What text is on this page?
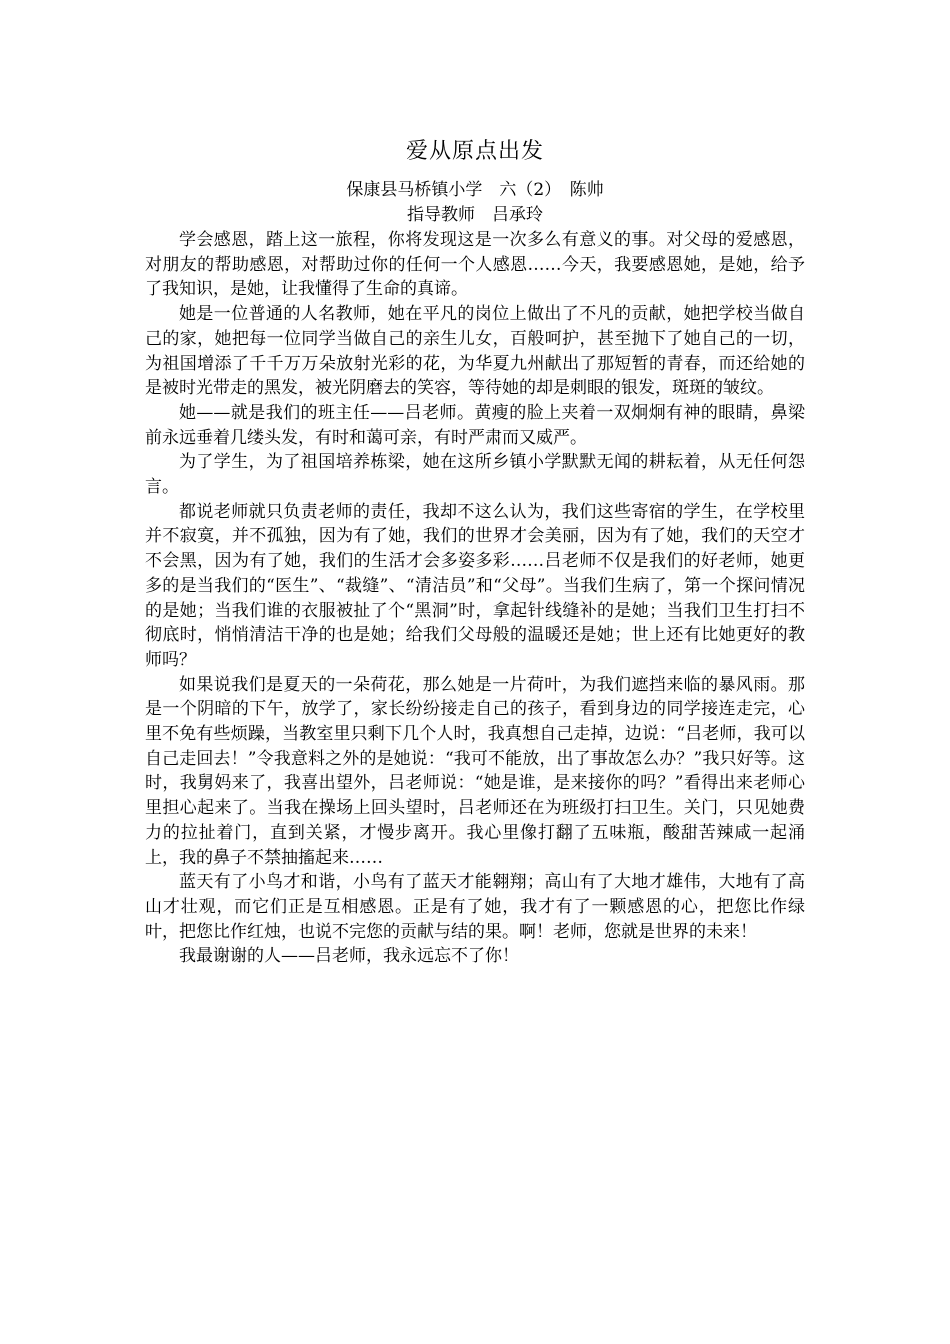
爱从原点出发

保康县马桥镇小学　六（2）　陈帅

指导教师　吕承玲

学会感恩，踏上这一旅程，你将发现这是一次多么有意义的事。对父母的爱感恩，对朋友的帮助感恩，对帮助过你的任何一个人感恩……今天，我要感恩她，是她，给予了我知识，是她，让我懂得了生命的真谛。

她是一位普通的人名教师，她在平凡的岗位上做出了不凡的贡献，她把学校当做自己的家，她把每一位同学当做自己的亲生儿女，百般呵护，甚至抛下了她自己的一切，为祖国增添了千千万万朵放射光彩的花，为华夏九州献出了那短暂的青春，而还给她的是被时光带走的黑发，被光阴磨去的笑容，等待她的却是刺眼的银发，斑斑的皱纹。

她——就是我们的班主任——吕老师。黄瘦的脸上夹着一双炯炯有神的眼睛，鼻梁前永远垂着几缕头发，有时和蔼可亲，有时严肃而又威严。

为了学生，为了祖国培养栋梁，她在这所乡镇小学默默无闻的耕耘着，从无任何怨言。

都说老师就只负责老师的责任，我却不这么认为，我们这些寄宿的学生，在学校里并不寂寞，并不孤独，因为有了她，我们的世界才会美丽，因为有了她，我们的天空才不会黑，因为有了她，我们的生活才会多姿多彩……吕老师不仅是我们的好老师，她更多的是当我们的“医生”、“裁缝”、“清洁员”和“父母”。当我们生病了，第一个探问情况的是她；当我们谁的衣服被扯了个“黑洞”时，拿起针线缝补的是她；当我们卫生打扫不彻底时，悄悄清洁干净的也是她；给我们父母般的温暖还是她；世上还有比她更好的教师吗？

如果说我们是夏天的一朵荷花，那么她是一片荷叶，为我们遮挡来临的暴风雨。那是一个阴暗的下午，放学了，家长纷纷接走自己的孩子，看到身边的同学接连走完，心里不免有些烦躁，当教室里只剩下几个人时，我真想自己走掉，边说：“吕老师，我可以自己走回去！”令我意料之外的是她说：“我可不能放，出了事故怎么办？”我只好等。这时，我舅妈来了，我喜出望外，吕老师说：“她是谁，是来接你的吗？”看得出来老师心里担心起来了。当我在操场上回头望时，吕老师还在为班级打扫卫生。关门，只见她费力的拉扯着门，直到关紧，才慢步离开。我心里像打翻了五味瓶，酸甜苦辣咸一起涌上，我的鼻子不禁抽搐起来……

蓝天有了小鸟才和谐，小鸟有了蓝天才能翱翔；高山有了大地才雄伟，大地有了高山才壮观，而它们正是互相感恩。正是有了她，我才有了一颗感恩的心，把您比作绿叶，把您比作红烛，也说不完您的贡献与结的果。啊！老师，您就是世界的未来！

我最谢谢的人——吕老师，我永远忘不了你！
